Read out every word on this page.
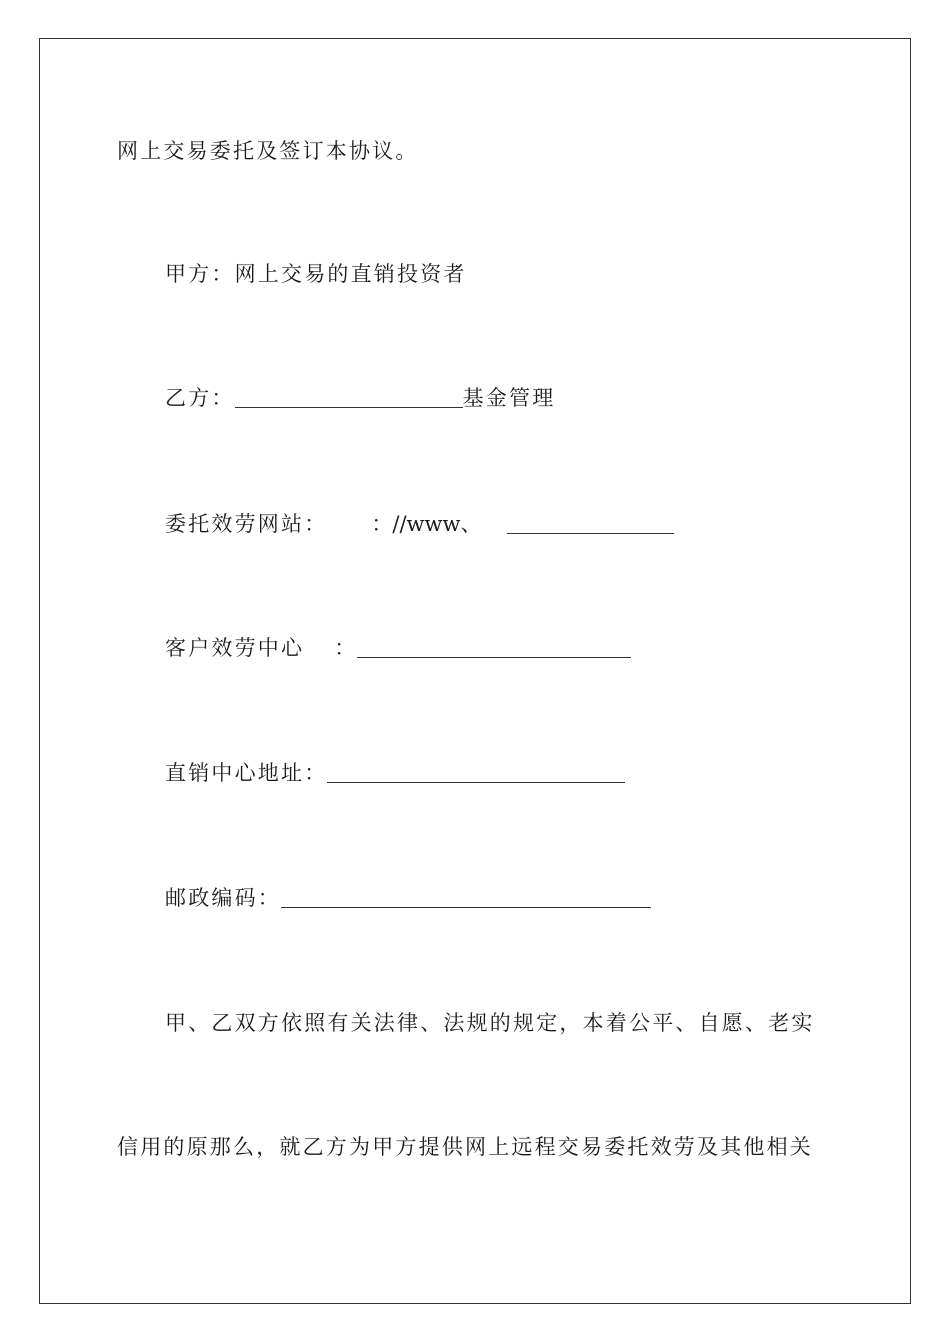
网上交易委托及签订本协议。
甲方：网上交易的直销投资者
乙方：	基金管理
委托效劳网站： ：//www、
客户效劳中心 ：
直销中心地址：
邮政编码：
甲、乙双方依照有关法律、法规的规定，本着公平、自愿、老实
信用的原那么，就乙方为甲方提供网上远程交易委托效劳及其他相关
